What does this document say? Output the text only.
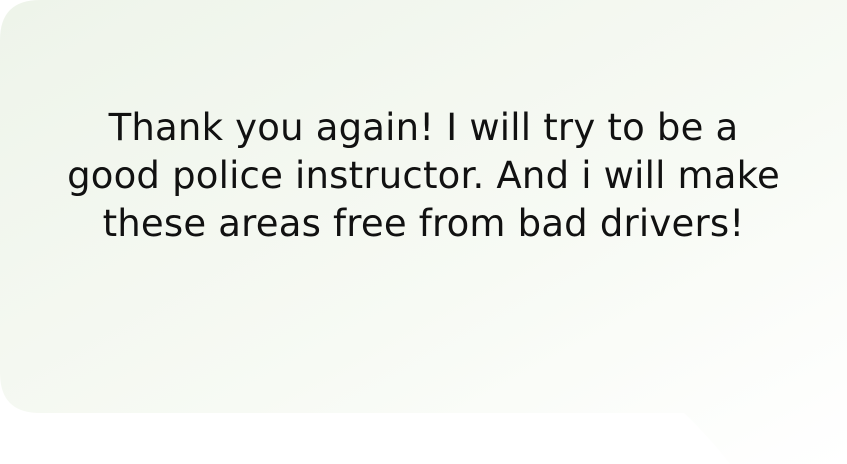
Thank you again! I will try to be a good police instructor. And i will make these areas free from bad drivers!
